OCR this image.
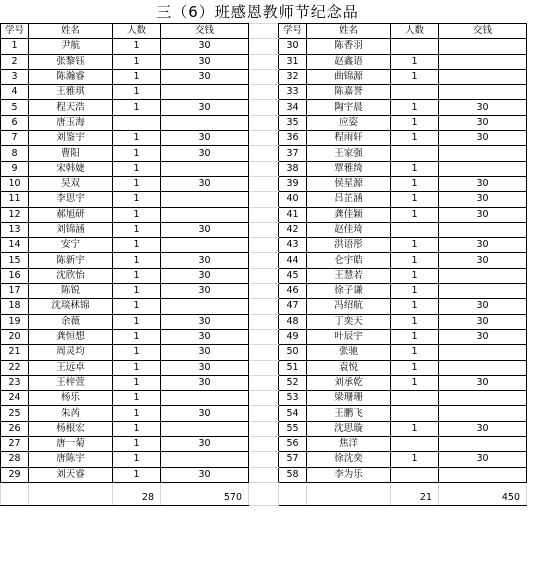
三（6）班感恩教师节纪念品
学号	姓名	人数	交钱		学号	姓名	人数	交钱
1	尹航	1	30		30	陈香羽		
2	张黎钰	1	30		31	赵鑫语	1	
3	陈瀚睿	1	30		32	曲锦源	1	
4	王雅琪	1			33	陈嘉誉		
5	程天浩	1	30		34	陶宇晨	1	30
6	唐玉海				35	应姿	1	30
7	刘鉴宇	1	30		36	程雨轩	1	30
8	曹阳	1	30		37	王家强		
9	宋韩婕	1			38	覃雅绮	1	
10	吴双	1	30		39	侯星源	1	30
11	李思宇	1			40	吕芷涵	1	30
12	郝旭研	1			41	龚佳颖	1	30
13	刘锦涵	1	30		42	赵佳琦		
14	安宁	1			43	洪语彤	1	30
15	陈新宇	1	30		44	仑宇皓	1	30
16	沈欣怡	1	30		45	王慧若	1	
17	陈锐	1	30		46	徐子谦	1	
18	沈琰秫锦	1			47	冯绍航	1	30
19	余薇	1	30		48	丁奕天	1	30
20	龚恒想	1	30		49	叶辰宇	1	30
21	周灵均	1	30		50	张驰	1	
22	王远卓	1	30		51	袁悦	1	
23	王梓萱	1	30		52	刘承乾	1	30
24	杨乐	1			53	梁珊珊		
25	朱芮	1	30		54	王鹏飞		
26	杨根宏	1			55	沈思璇	1	30
27	唐一菊	1	30		56	焦洋		
28	唐陈宇	1			57	徐沈奕	1	30
29	刘天睿	1	30		58	李为乐		
		28	570				21	450
